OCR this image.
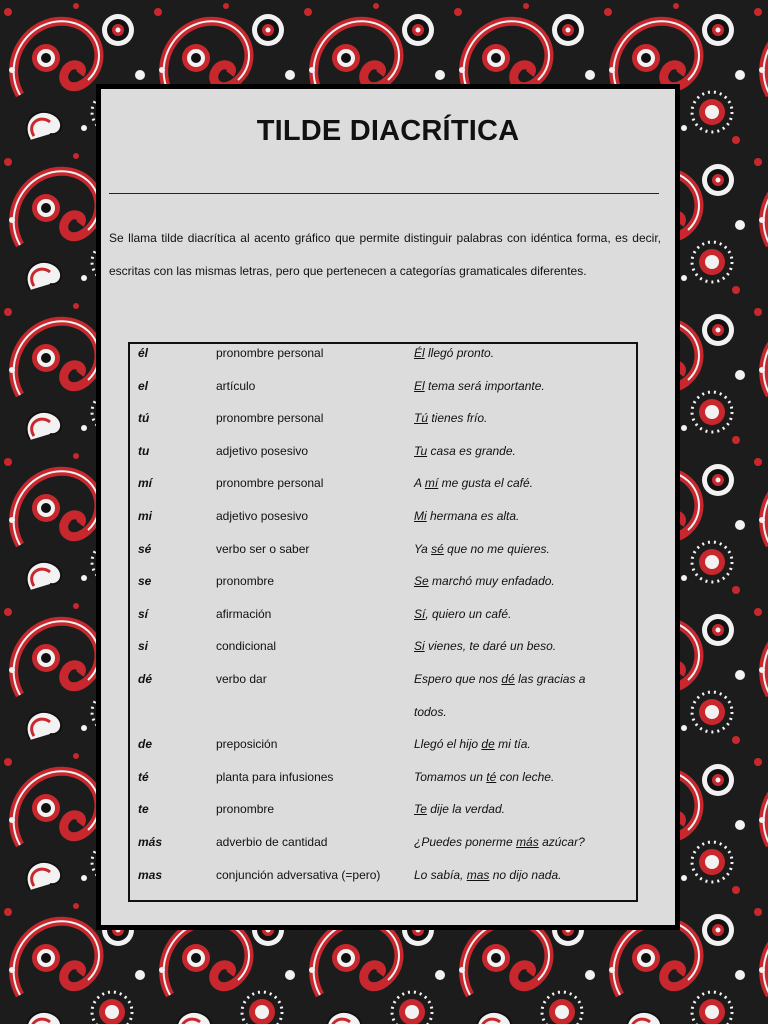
TILDE DIACRÍTICA
Se llama tilde diacrítica al acento gráfico que permite distinguir palabras con idéntica forma, es decir, escritas con las mismas letras, pero que pertenecen a categorías gramaticales diferentes.
él	pronombre personal	Él llegó pronto.
el	artículo	El tema será importante.
tú	pronombre personal	Tú tienes frío.
tu	adjetivo posesivo	Tu casa es grande.
mí	pronombre personal	A mí me gusta el café.
mi	adjetivo posesivo	Mi hermana es alta.
sé	verbo ser o saber	Ya sé que no me quieres.
se	pronombre	Se marchó muy enfadado.
sí	afirmación	Sí, quiero un café.
si	condicional	Si vienes, te daré un beso.
dé	verbo dar	Espero que nos dé las gracias a
todos.
de	preposición	Llegó el hijo de mi tía.
té	planta para infusiones	Tomamos un té con leche.
te	pronombre	Te dije la verdad.
más	adverbio de cantidad	¿Puedes ponerme más azúcar?
mas	conjunción adversativa (=pero)	Lo sabía, mas no dijo nada.
